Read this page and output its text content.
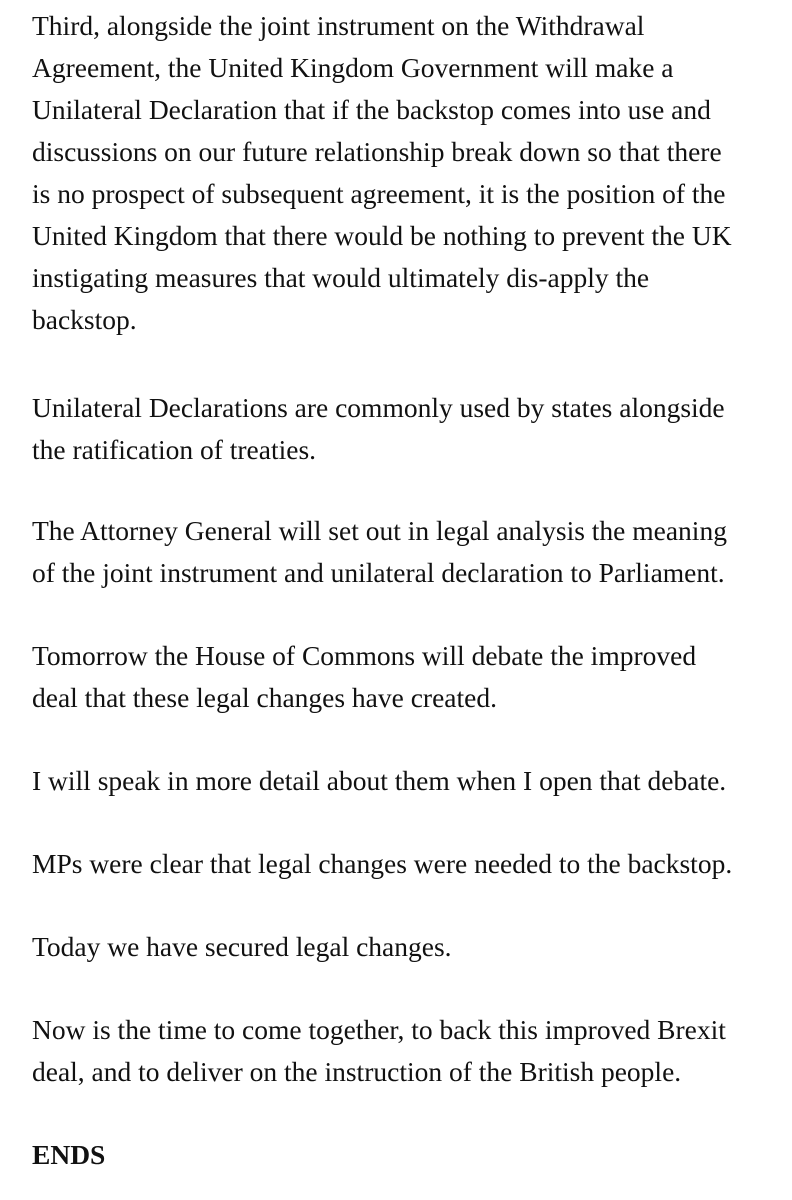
Third, alongside the joint instrument on the Withdrawal
Agreement, the United Kingdom Government will make a
Unilateral Declaration that if the backstop comes into use and
discussions on our future relationship break down so that there
is no prospect of subsequent agreement, it is the position of the
United Kingdom that there would be nothing to prevent the UK
instigating measures that would ultimately dis-apply the
backstop.

Unilateral Declarations are commonly used by states alongside
the ratification of treaties.

The Attorney General will set out in legal analysis the meaning
of the joint instrument and unilateral declaration to Parliament.

Tomorrow the House of Commons will debate the improved
deal that these legal changes have created.

I will speak in more detail about them when I open that debate.

MPs were clear that legal changes were needed to the backstop.

Today we have secured legal changes.

Now is the time to come together, to back this improved Brexit
deal, and to deliver on the instruction of the British people.

ENDS
